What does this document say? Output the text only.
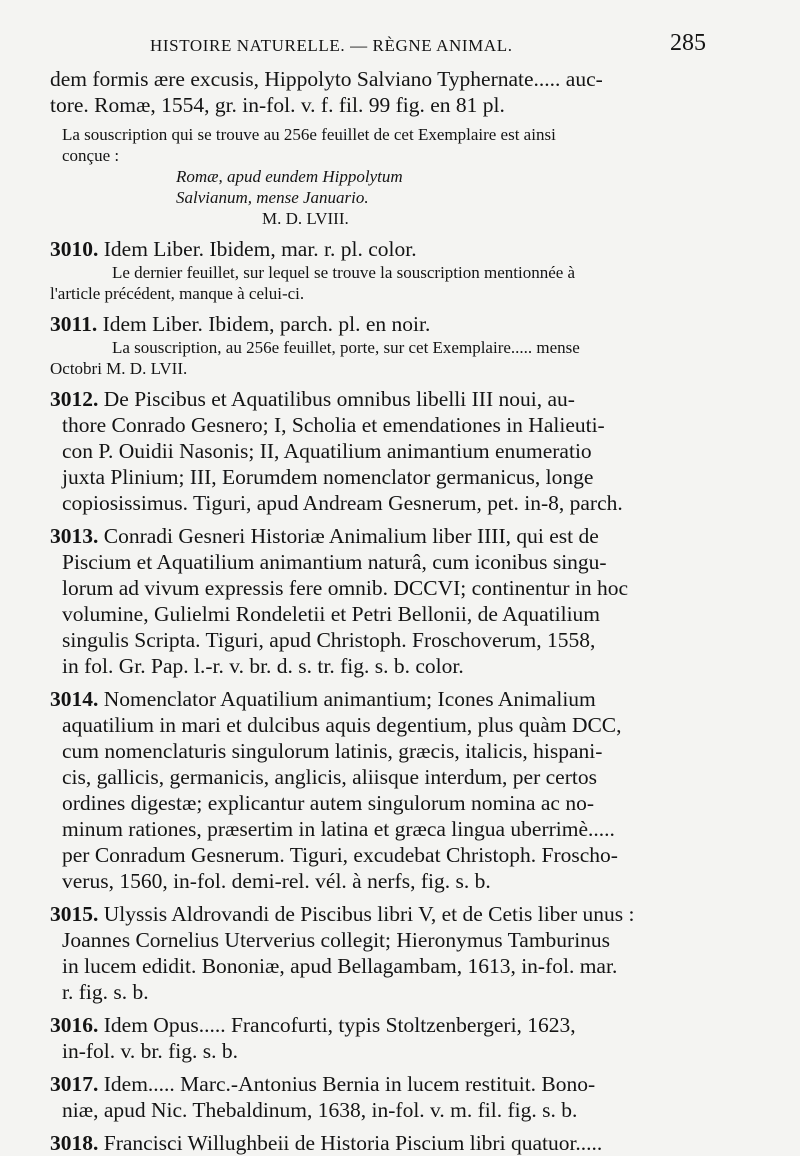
HISTOIRE NATURELLE. — RÈGNE ANIMAL.	285
dem formis ære excusis, Hippolyto Salviano Typhernate..... auc-
tore. Romæ, 1554, gr. in-fol. v. f. fil. 99 fig. en 81 pl.
La souscription qui se trouve au 256e feuillet de cet Exemplaire est ainsi
conçue :
Romæ, apud eundem Hippolytum
Salvianum, mense Januario.
M. D. LVIII.
3010. Idem Liber. Ibidem, mar. r. pl. color.
Le dernier feuillet, sur lequel se trouve la souscription mentionnée à
l'article précédent, manque à celui-ci.
3011. Idem Liber. Ibidem, parch. pl. en noir.
La souscription, au 256e feuillet, porte, sur cet Exemplaire..... mense
Octobri M. D. LVII.
3012. De Piscibus et Aquatilibus omnibus libelli III noui, au-
thore Conrado Gesnero; I, Scholia et emendationes in Halieuti-
con P. Ouidii Nasonis; II, Aquatilium animantium enumeratio
juxta Plinium; III, Eorumdem nomenclator germanicus, longe
copiosissimus. Tiguri, apud Andream Gesnerum, pet. in-8, parch.
3013. Conradi Gesneri Historiæ Animalium liber IIII, qui est de
Piscium et Aquatilium animantium naturâ, cum iconibus singu-
lorum ad vivum expressis fere omnib. DCCVI; continentur in hoc
volumine, Gulielmi Rondeletii et Petri Bellonii, de Aquatilium
singulis Scripta. Tiguri, apud Christoph. Froschoverum, 1558,
in fol. Gr. Pap. l.-r. v. br. d. s. tr. fig. s. b. color.
3014. Nomenclator Aquatilium animantium; Icones Animalium
aquatilium in mari et dulcibus aquis degentium, plus quàm DCC,
cum nomenclaturis singulorum latinis, græcis, italicis, hispani-
cis, gallicis, germanicis, anglicis, aliisque interdum, per certos
ordines digestæ; explicantur autem singulorum nomina ac no-
minum rationes, præsertim in latina et græca lingua uberrimè.....
per Conradum Gesnerum. Tiguri, excudebat Christoph. Froscho-
verus, 1560, in-fol. demi-rel. vél. à nerfs, fig. s. b.
3015. Ulyssis Aldrovandi de Piscibus libri V, et de Cetis liber unus :
Joannes Cornelius Uterverius collegit; Hieronymus Tamburinus
in lucem edidit. Bononiæ, apud Bellagambam, 1613, in-fol. mar.
r. fig. s. b.
3016. Idem Opus..... Francofurti, typis Stoltzenbergeri, 1623,
in-fol. v. br. fig. s. b.
3017. Idem..... Marc.-Antonius Bernia in lucem restituit. Bono-
niæ, apud Nic. Thebaldinum, 1638, in-fol. v. m. fil. fig. s. b.
3018. Francisci Willughbeii de Historia Piscium libri quatuor.....
